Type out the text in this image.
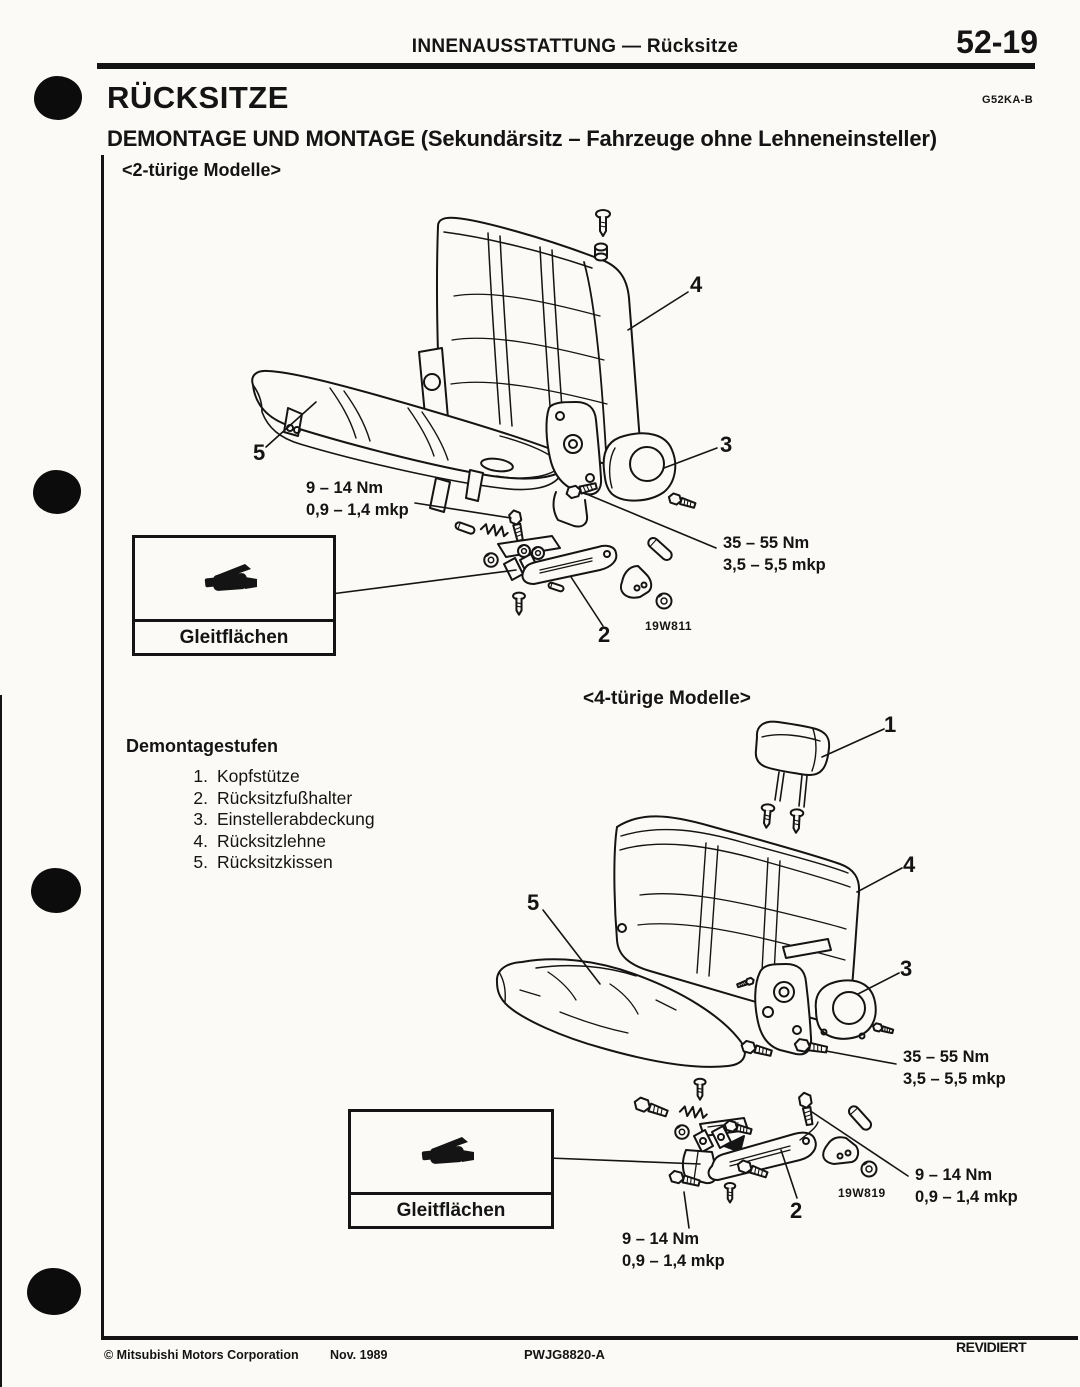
INNENAUSSTATTUNG — Rücksitze	52-19
RÜCKSITZE	G52KA-B
DEMONTAGE UND MONTAGE (Sekundärsitz – Fahrzeuge ohne Lehneneinsteller)
<2-türige Modelle>
4
5	3
2
9 – 14 Nm
0,9 – 1,4 mkp
35 – 55 Nm
3,5 – 5,5 mkp
19W811
Gleitflächen
<4-türige Modelle>
Demontagestufen
1. Kopfstütze
2. Rücksitzfußhalter
3. Einstellerabdeckung
4. Rücksitzlehne
5. Rücksitzkissen
1
4
5
3
2
35 – 55 Nm
3,5 – 5,5 mkp
9 – 14 Nm
0,9 – 1,4 mkp
9 – 14 Nm
0,9 – 1,4 mkp
19W819
Gleitflächen
© Mitsubishi Motors Corporation	Nov. 1989	PWJG8820-A	REVIDIERT
